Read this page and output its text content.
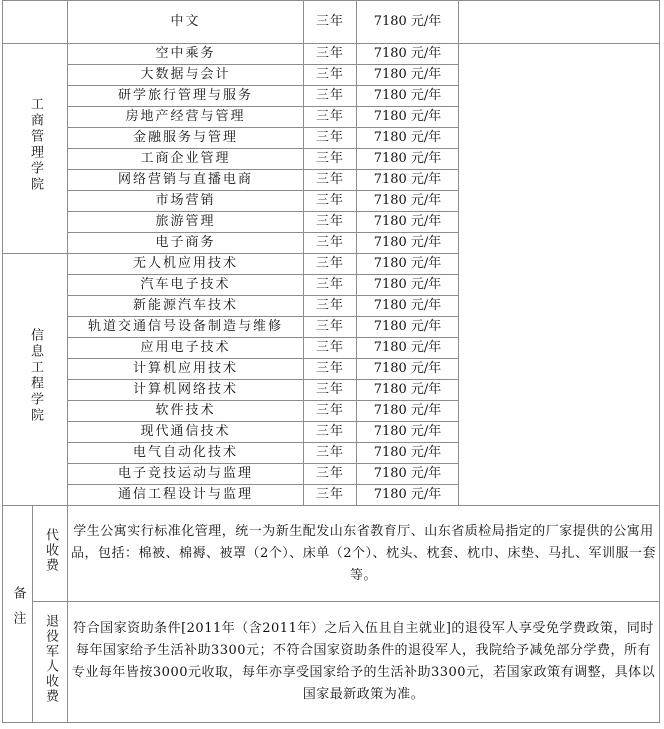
		中文	三年	7180 元/年	
工商管理学院		空中乘务	三年	7180 元/年	
		大数据与会计	三年	7180 元/年	
		研学旅行管理与服务	三年	7180 元/年	
		房地产经营与管理	三年	7180 元/年	
		金融服务与管理	三年	7180 元/年	
		工商企业管理	三年	7180 元/年	
		网络营销与直播电商	三年	7180 元/年	
		市场营销	三年	7180 元/年	
		旅游管理	三年	7180 元/年	
		电子商务	三年	7180 元/年	
信息工程学院		无人机应用技术	三年	7180 元/年	
		汽车电子技术	三年	7180 元/年	
		新能源汽车技术	三年	7180 元/年	
		轨道交通信号设备制造与维修	三年	7180 元/年	
		应用电子技术	三年	7180 元/年	
		计算机应用技术	三年	7180 元/年	
		计算机网络技术	三年	7180 元/年	
		软件技术	三年	7180 元/年	
		现代通信技术	三年	7180 元/年	
		电气自动化技术	三年	7180 元/年	
		电子竞技运动与监理	三年	7180 元/年	
		通信工程设计与监理	三年	7180 元/年	
备注	代收费	学生公寓实行标准化管理，统一为新生配发山东省教育厅、山东省质检局指定的厂家提供的公寓用品，包括：棉被、棉褥、被罩（2个）、床单（2个）、枕头、枕套、枕巾、床垫、马扎、军训服一套等。			
	退役军人收费	符合国家资助条件[2011年（含2011年）之后入伍且自主就业]的退役军人享受免学费政策，同时每年国家给予生活补助3300元；不符合国家资助条件的退役军人，我院给予减免部分学费，所有专业每年皆按3000元收取，每年亦享受国家给予的生活补助3300元，若国家政策有调整，具体以国家最新政策为准。			
